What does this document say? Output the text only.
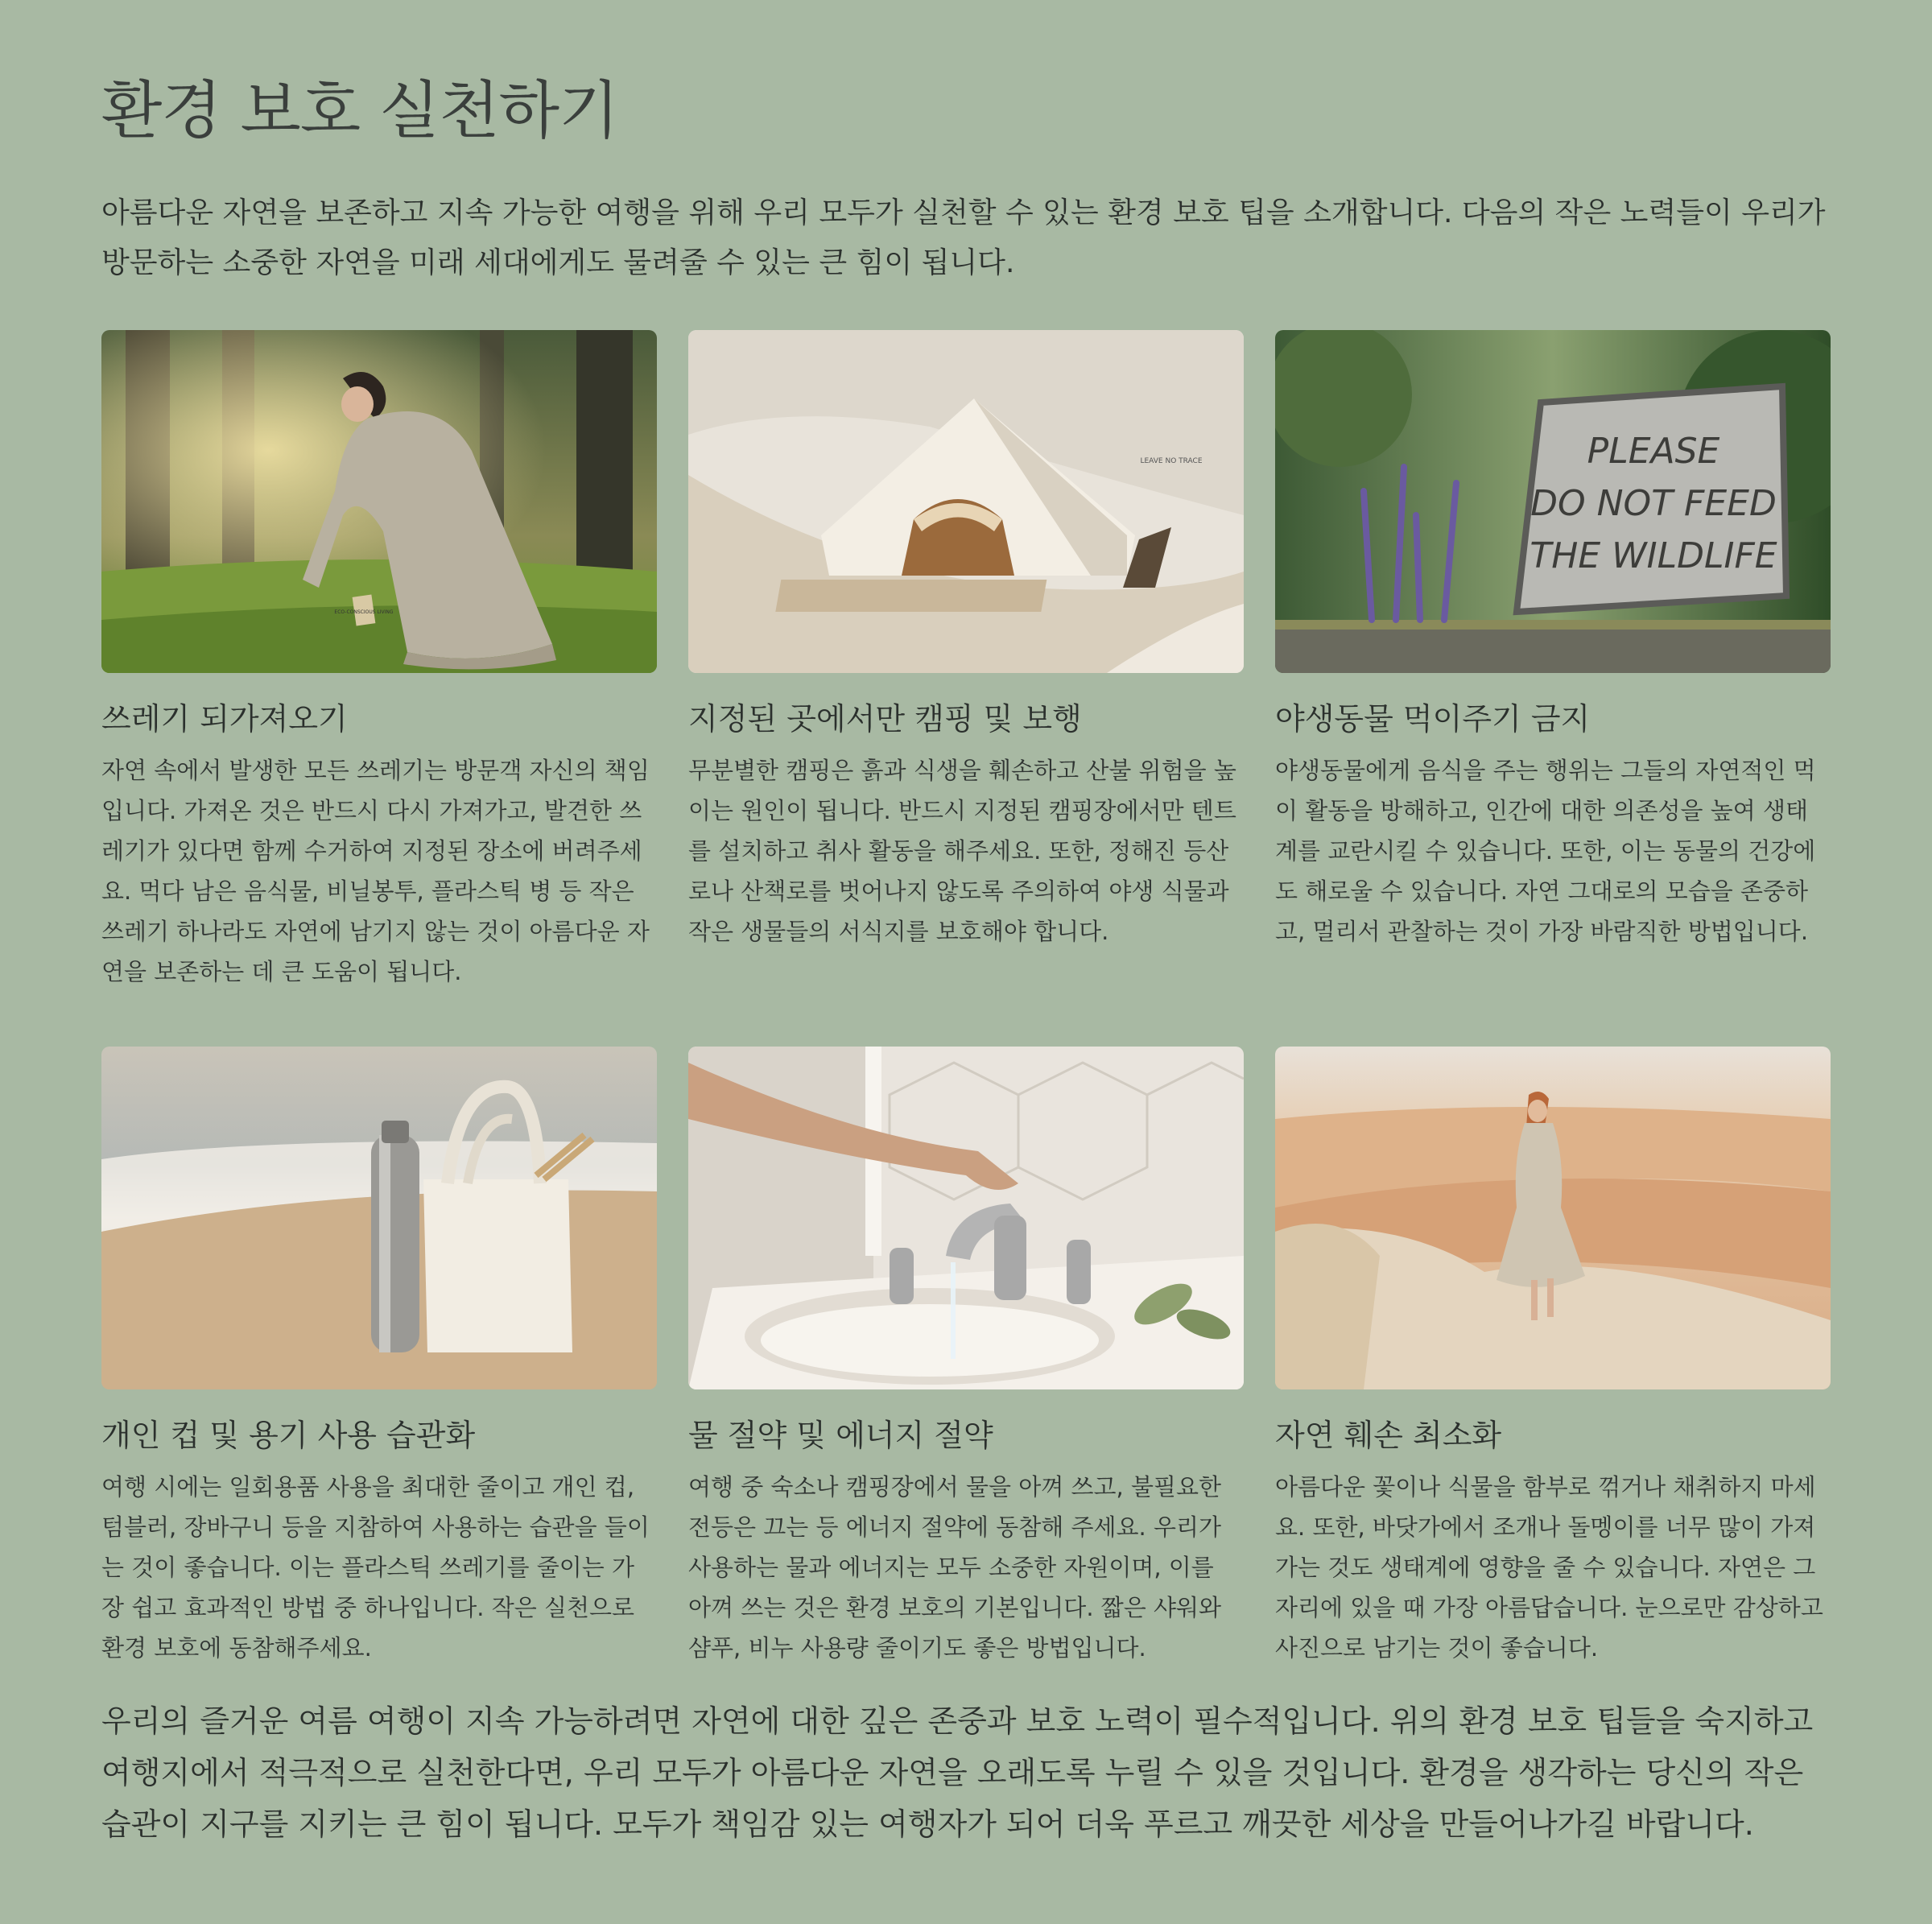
환경 보호 실천하기

아름다운 자연을 보존하고 지속 가능한 여행을 위해 우리 모두가 실천할 수 있는 환경 보호 팁을 소개합니다. 다음의 작은 노력들이 우리가 방문하는 소중한 자연을 미래 세대에게도 물려줄 수 있는 큰 힘이 됩니다.

ECO-CONSCIOUS LIVING
쓰레기 되가져오기

자연 속에서 발생한 모든 쓰레기는 방문객 자신의 책임입니다. 가져온 것은 반드시 다시 가져가고, 발견한 쓰레기가 있다면 함께 수거하여 지정된 장소에 버려주세요. 먹다 남은 음식물, 비닐봉투, 플라스틱 병 등 작은 쓰레기 하나라도 자연에 남기지 않는 것이 아름다운 자연을 보존하는 데 큰 도움이 됩니다.

LEAVE NO TRACE
지정된 곳에서만 캠핑 및 보행

무분별한 캠핑은 흙과 식생을 훼손하고 산불 위험을 높이는 원인이 됩니다. 반드시 지정된 캠핑장에서만 텐트를 설치하고 취사 활동을 해주세요. 또한, 정해진 등산로나 산책로를 벗어나지 않도록 주의하여 야생 식물과 작은 생물들의 서식지를 보호해야 합니다.

PLEASE
DO NOT FEED
THE WILDLIFE
야생동물 먹이주기 금지

야생동물에게 음식을 주는 행위는 그들의 자연적인 먹이 활동을 방해하고, 인간에 대한 의존성을 높여 생태계를 교란시킬 수 있습니다. 또한, 이는 동물의 건강에도 해로울 수 있습니다. 자연 그대로의 모습을 존중하고, 멀리서 관찰하는 것이 가장 바람직한 방법입니다.

개인 컵 및 용기 사용 습관화

여행 시에는 일회용품 사용을 최대한 줄이고 개인 컵, 텀블러, 장바구니 등을 지참하여 사용하는 습관을 들이는 것이 좋습니다. 이는 플라스틱 쓰레기를 줄이는 가장 쉽고 효과적인 방법 중 하나입니다. 작은 실천으로 환경 보호에 동참해주세요.

물 절약 및 에너지 절약

여행 중 숙소나 캠핑장에서 물을 아껴 쓰고, 불필요한 전등은 끄는 등 에너지 절약에 동참해 주세요. 우리가 사용하는 물과 에너지는 모두 소중한 자원이며, 이를 아껴 쓰는 것은 환경 보호의 기본입니다. 짧은 샤워와 샴푸, 비누 사용량 줄이기도 좋은 방법입니다.

자연 훼손 최소화

아름다운 꽃이나 식물을 함부로 꺾거나 채취하지 마세요. 또한, 바닷가에서 조개나 돌멩이를 너무 많이 가져가는 것도 생태계에 영향을 줄 수 있습니다. 자연은 그 자리에 있을 때 가장 아름답습니다. 눈으로만 감상하고 사진으로 남기는 것이 좋습니다.

우리의 즐거운 여름 여행이 지속 가능하려면 자연에 대한 깊은 존중과 보호 노력이 필수적입니다. 위의 환경 보호 팁들을 숙지하고 여행지에서 적극적으로 실천한다면, 우리 모두가 아름다운 자연을 오래도록 누릴 수 있을 것입니다. 환경을 생각하는 당신의 작은 습관이 지구를 지키는 큰 힘이 됩니다. 모두가 책임감 있는 여행자가 되어 더욱 푸르고 깨끗한 세상을 만들어나가길 바랍니다.
